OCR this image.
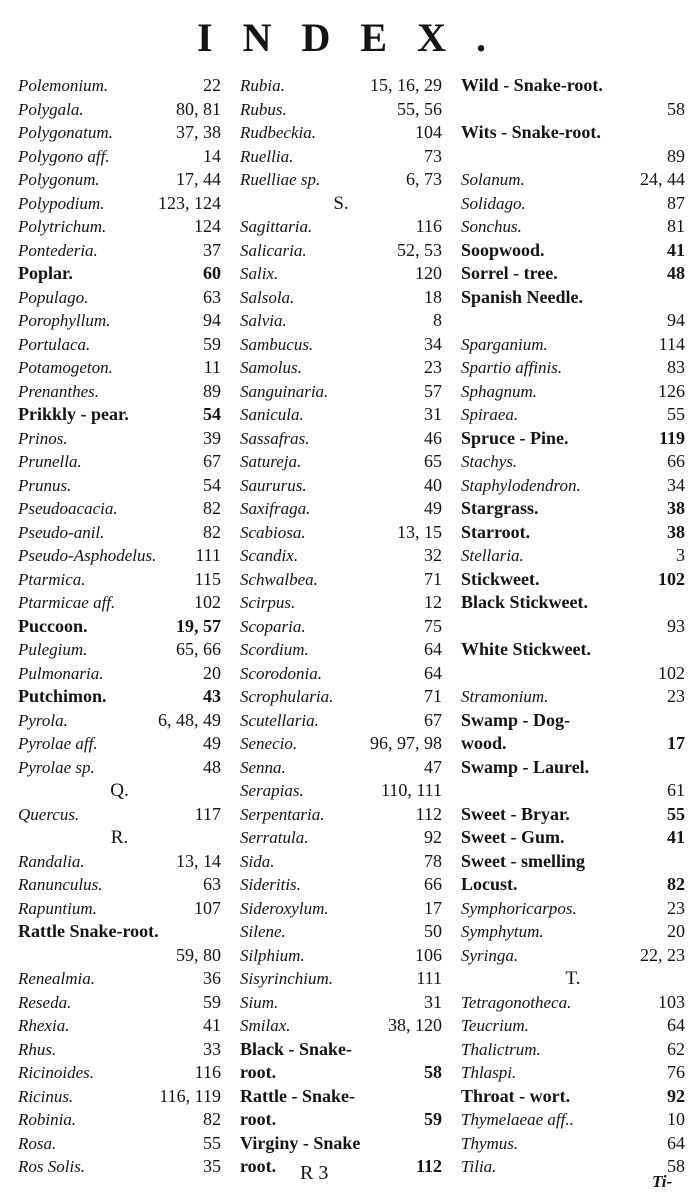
INDEX.
Polemonium.	22
Polygala.	80, 81
Polygonatum.	37, 38
Polygono aff.	14
Polygonum.	17, 44
Polypodium.	123, 124
Polytrichum.	124
Pontederia.	37
Poplar.	60
Populago.	63
Porophyllum.	94
Portulaca.	59
Potamogeton.	11
Prenanthes.	89
Prikkly - pear.	54
Prinos.	39
Prunella.	67
Prunus.	54
Pseudoacacia.	82
Pseudo-anil.	82
Pseudo-Asphodelus. 111
Ptarmica.	115
Ptarmicae aff.	102
Puccoon.	19, 57
Pulegium.	65, 66
Pulmonaria.	20
Putchimon.	43
Pyrola.	6, 48, 49
Pyrolae aff.	49
Pyrolae sp.	48
Q.
Quercus.	117
R.
Randalia.	13, 14
Ranunculus.	63
Rapuntium.	107
Rattle Snake-root.
59, 80
Renealmia.	36
Reseda.	59
Rhexia.	41
Rhus.	33
Ricinoides.	116
Ricinus.	116, 119
Robinia.	82
Rosa.	55
Ros Solis.	35
Rubia.	15, 16, 29
Rubus.	55, 56
Rudbeckia.	104
Ruellia.	73
Ruelliae sp.	6, 73
S.
Sagittaria.	116
Salicaria.	52, 53
Salix.	120
Salsola.	18
Salvia.	8
Sambucus.	34
Samolus.	23
Sanguinaria.	57
Sanicula.	31
Sassafras.	46
Satureja.	65
Saururus.	40
Saxifraga.	49
Scabiosa.	13, 15
Scandix.	32
Schwalbea.	71
Scirpus.	12
Scoparia.	75
Scordium.	64
Scorodonia.	64
Scrophularia.	71
Scutellaria.	67
Senecio.	96, 97, 98
Senna.	47
Serapias.	110, 111
Serpentaria.	112
Serratula.	92
Sida.	78
Sideritis.	66
Sideroxylum.	17
Silene.	50
Silphium.	106
Sisyrinchium.	111
Sium.	31
Smilax.	38, 120
Black - Snake-
root.	58
Rattle - Snake-
root.	59
Virginy - Snake
root.	112
Wild - Snake-root.
58
Wits - Snake-root.
89
Solanum.	24, 44
Solidago.	87
Sonchus.	81
Soopwood.	41
Sorrel - tree.	48
Spanish Needle.
94
Sparganium.	114
Spartio affinis.	83
Sphagnum.	126
Spiraea.	55
Spruce - Pine.	119
Stachys.	66
Staphylodendron.	34
Stargrass.	38
Starroot.	38
Stellaria.	3
Stickweet.	102
Black Stickweet.
93
White Stickweet.
102
Stramonium.	23
Swamp - Dog-
wood.	17
Swamp - Laurel.
61
Sweet - Bryar.	55
Sweet - Gum.	41
Sweet - smelling
Locust.	82
Symphoricarpos.	23
Symphytum.	20
Syringa.	22, 23
T.
Tetragonotheca.	103
Teucrium.	64
Thalictrum.	62
Thlaspi.	76
Throat - wort.	92
Thymelaeae aff..	10
Thymus.	64
Tilia.	58
R 3	Ti-
